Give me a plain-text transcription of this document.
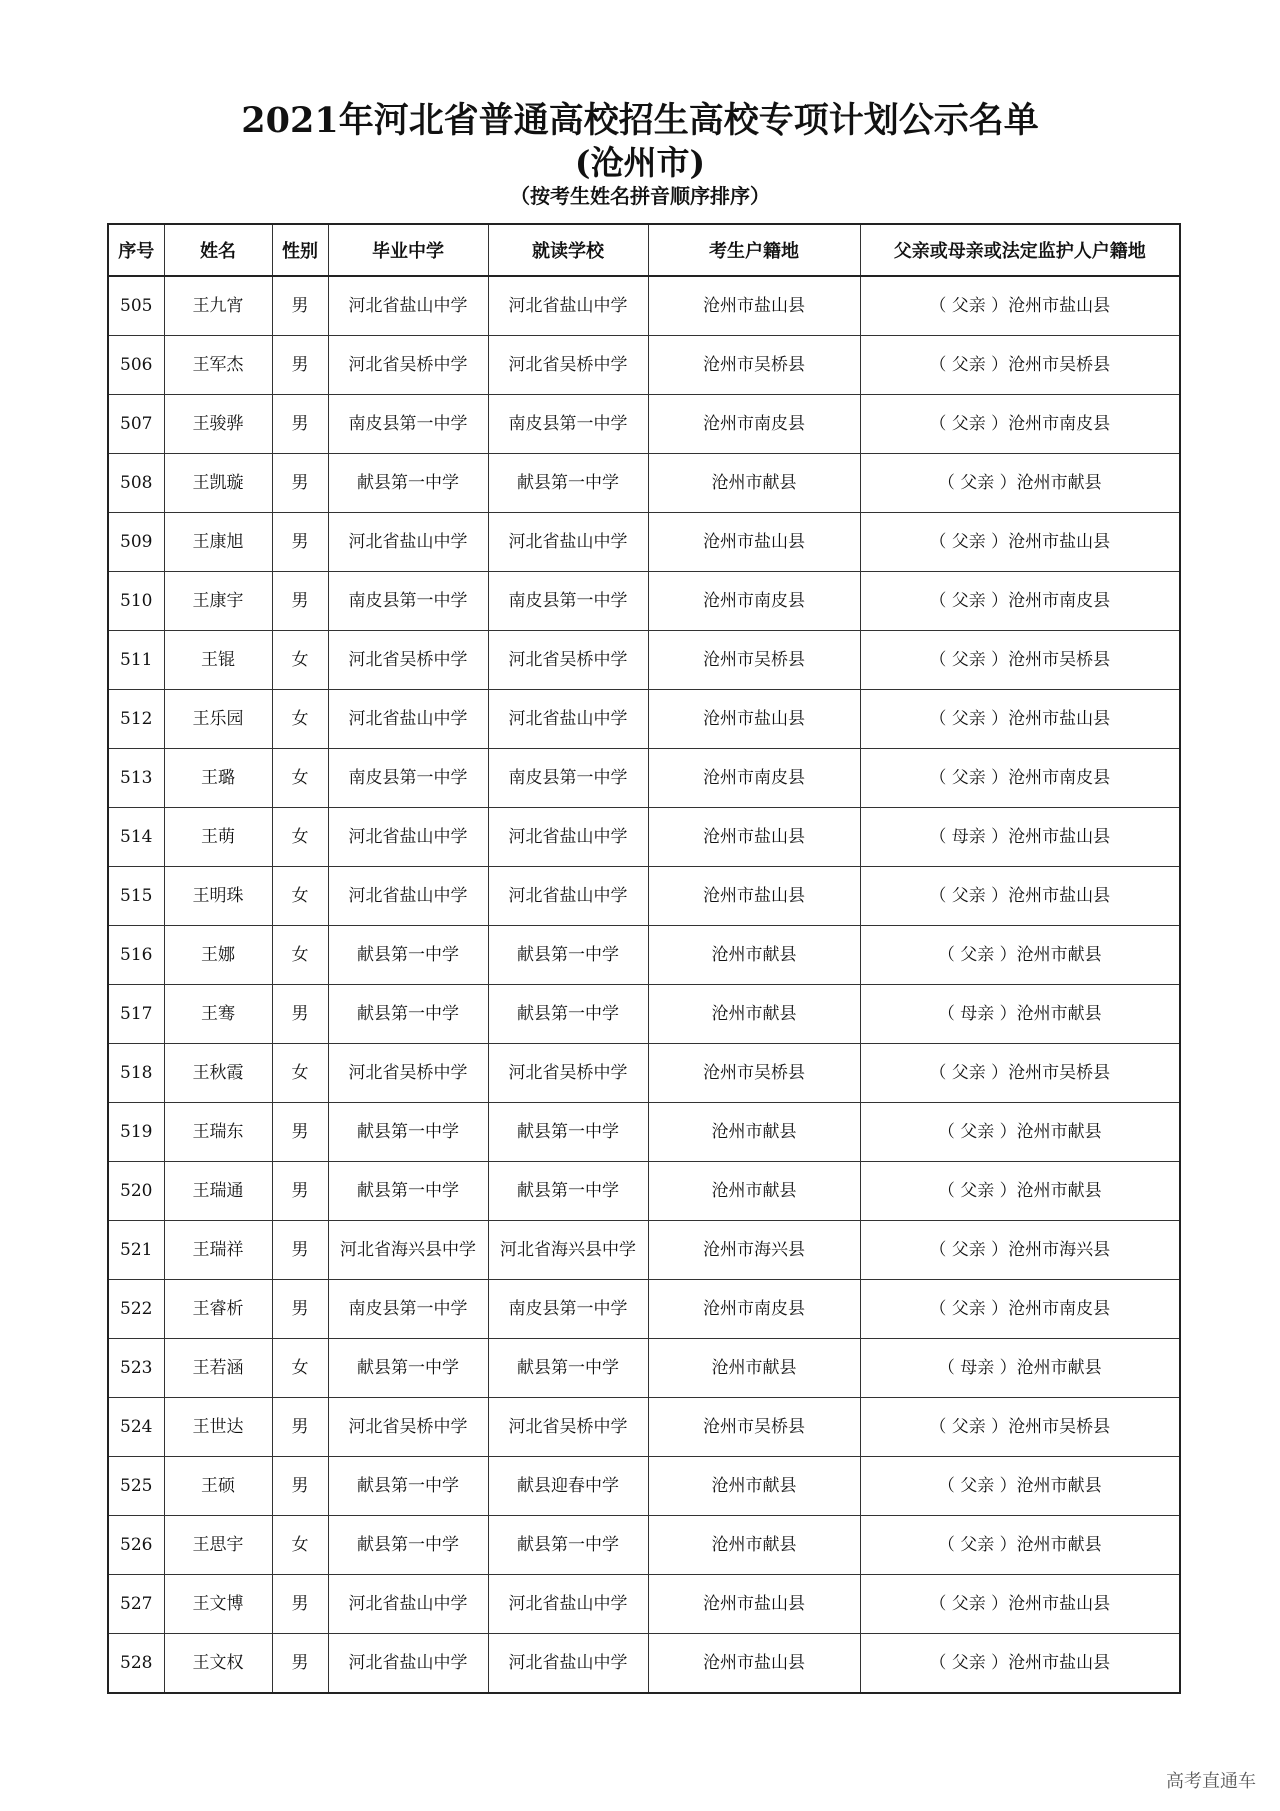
2021年河北省普通高校招生高校专项计划公示名单
(沧州市)
（按考生姓名拼音顺序排序）
序号	姓名	性别	毕业中学	就读学校	考生户籍地	父亲或母亲或法定监护人户籍地
505	王九宵	男	河北省盐山中学	河北省盐山中学	沧州市盐山县	（ 父亲 ）沧州市盐山县
506	王军杰	男	河北省吴桥中学	河北省吴桥中学	沧州市吴桥县	（ 父亲 ）沧州市吴桥县
507	王骏骅	男	南皮县第一中学	南皮县第一中学	沧州市南皮县	（ 父亲 ）沧州市南皮县
508	王凯璇	男	献县第一中学	献县第一中学	沧州市献县	（ 父亲 ）沧州市献县
509	王康旭	男	河北省盐山中学	河北省盐山中学	沧州市盐山县	（ 父亲 ）沧州市盐山县
510	王康宇	男	南皮县第一中学	南皮县第一中学	沧州市南皮县	（ 父亲 ）沧州市南皮县
511	王锟	女	河北省吴桥中学	河北省吴桥中学	沧州市吴桥县	（ 父亲 ）沧州市吴桥县
512	王乐园	女	河北省盐山中学	河北省盐山中学	沧州市盐山县	（ 父亲 ）沧州市盐山县
513	王璐	女	南皮县第一中学	南皮县第一中学	沧州市南皮县	（ 父亲 ）沧州市南皮县
514	王萌	女	河北省盐山中学	河北省盐山中学	沧州市盐山县	（ 母亲 ）沧州市盐山县
515	王明珠	女	河北省盐山中学	河北省盐山中学	沧州市盐山县	（ 父亲 ）沧州市盐山县
516	王娜	女	献县第一中学	献县第一中学	沧州市献县	（ 父亲 ）沧州市献县
517	王骞	男	献县第一中学	献县第一中学	沧州市献县	（ 母亲 ）沧州市献县
518	王秋霞	女	河北省吴桥中学	河北省吴桥中学	沧州市吴桥县	（ 父亲 ）沧州市吴桥县
519	王瑞东	男	献县第一中学	献县第一中学	沧州市献县	（ 父亲 ）沧州市献县
520	王瑞通	男	献县第一中学	献县第一中学	沧州市献县	（ 父亲 ）沧州市献县
521	王瑞祥	男	河北省海兴县中学	河北省海兴县中学	沧州市海兴县	（ 父亲 ）沧州市海兴县
522	王睿析	男	南皮县第一中学	南皮县第一中学	沧州市南皮县	（ 父亲 ）沧州市南皮县
523	王若涵	女	献县第一中学	献县第一中学	沧州市献县	（ 母亲 ）沧州市献县
524	王世达	男	河北省吴桥中学	河北省吴桥中学	沧州市吴桥县	（ 父亲 ）沧州市吴桥县
525	王硕	男	献县第一中学	献县迎春中学	沧州市献县	（ 父亲 ）沧州市献县
526	王思宇	女	献县第一中学	献县第一中学	沧州市献县	（ 父亲 ）沧州市献县
527	王文博	男	河北省盐山中学	河北省盐山中学	沧州市盐山县	（ 父亲 ）沧州市盐山县
528	王文权	男	河北省盐山中学	河北省盐山中学	沧州市盐山县	（ 父亲 ）沧州市盐山县
高考直通车
